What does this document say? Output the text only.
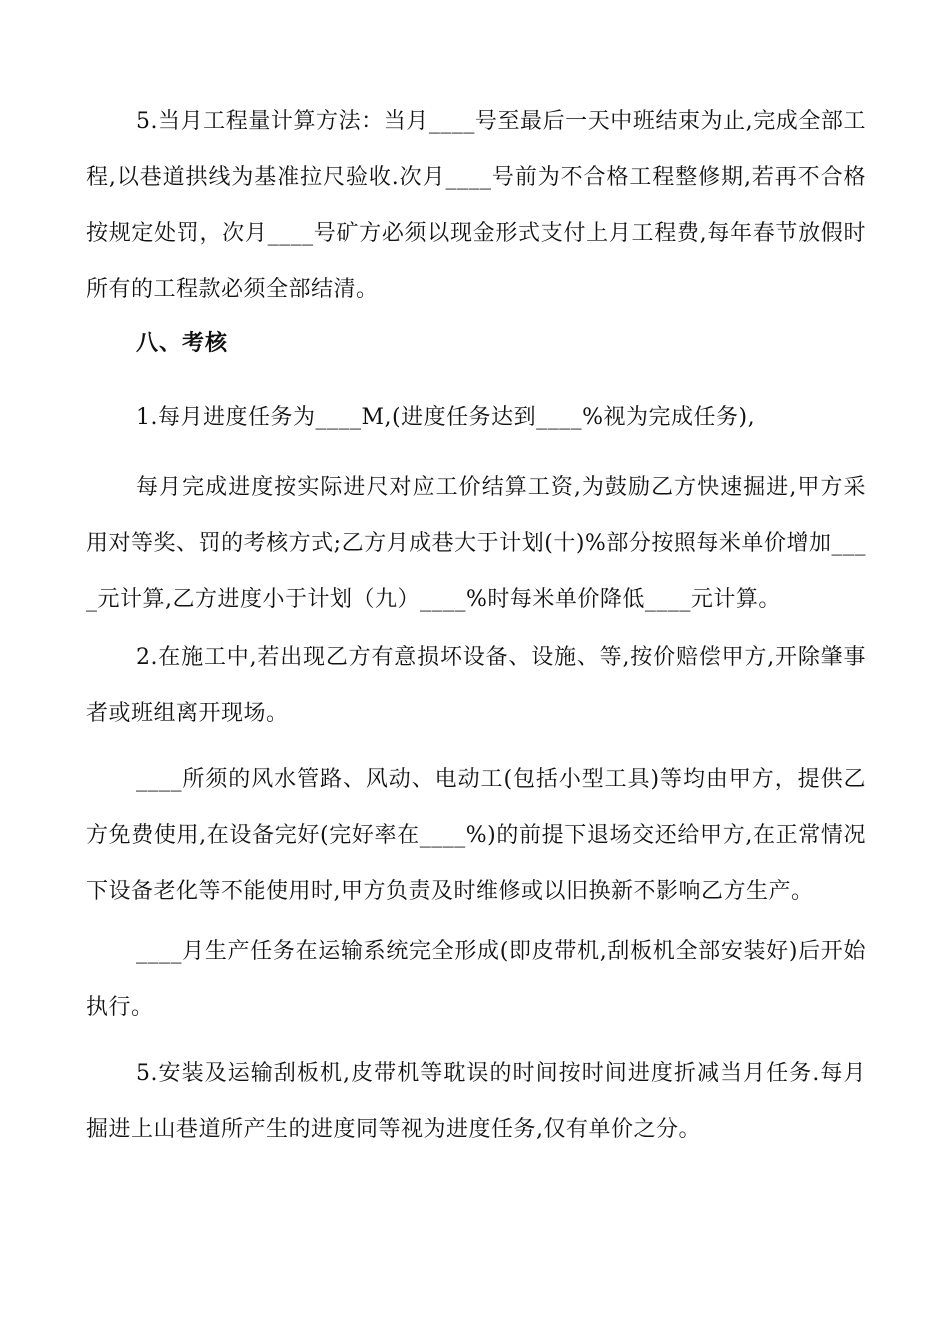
5.当月工程量计算方法：当月____号至最后一天中班结束为止,完成全部工程,以巷道拱线为基准拉尺验收.次月____号前为不合格工程整修期,若再不合格按规定处罚，次月____号矿方必须以现金形式支付上月工程费,每年春节放假时所有的工程款必须全部结清。

八、考核

1.每月进度任务为____M,(进度任务达到____%视为完成任务),

每月完成进度按实际进尺对应工价结算工资,为鼓励乙方快速掘进,甲方采用对等奖、罚的考核方式;乙方月成巷大于计划(十)%部分按照每米单价增加____元计算,乙方进度小于计划（九）____%时每米单价降低____元计算。

2.在施工中,若出现乙方有意损坏设备、设施、等,按价赔偿甲方,开除肇事者或班组离开现场。

____所须的风水管路、风动、电动工(包括小型工具)等均由甲方，提供乙方免费使用,在设备完好(完好率在____%)的前提下退场交还给甲方,在正常情况下设备老化等不能使用时,甲方负责及时维修或以旧换新不影响乙方生产。

____月生产任务在运输系统完全形成(即皮带机,刮板机全部安装好)后开始执行。

5.安装及运输刮板机,皮带机等耽误的时间按时间进度折减当月任务.每月掘进上山巷道所产生的进度同等视为进度任务,仅有单价之分。
